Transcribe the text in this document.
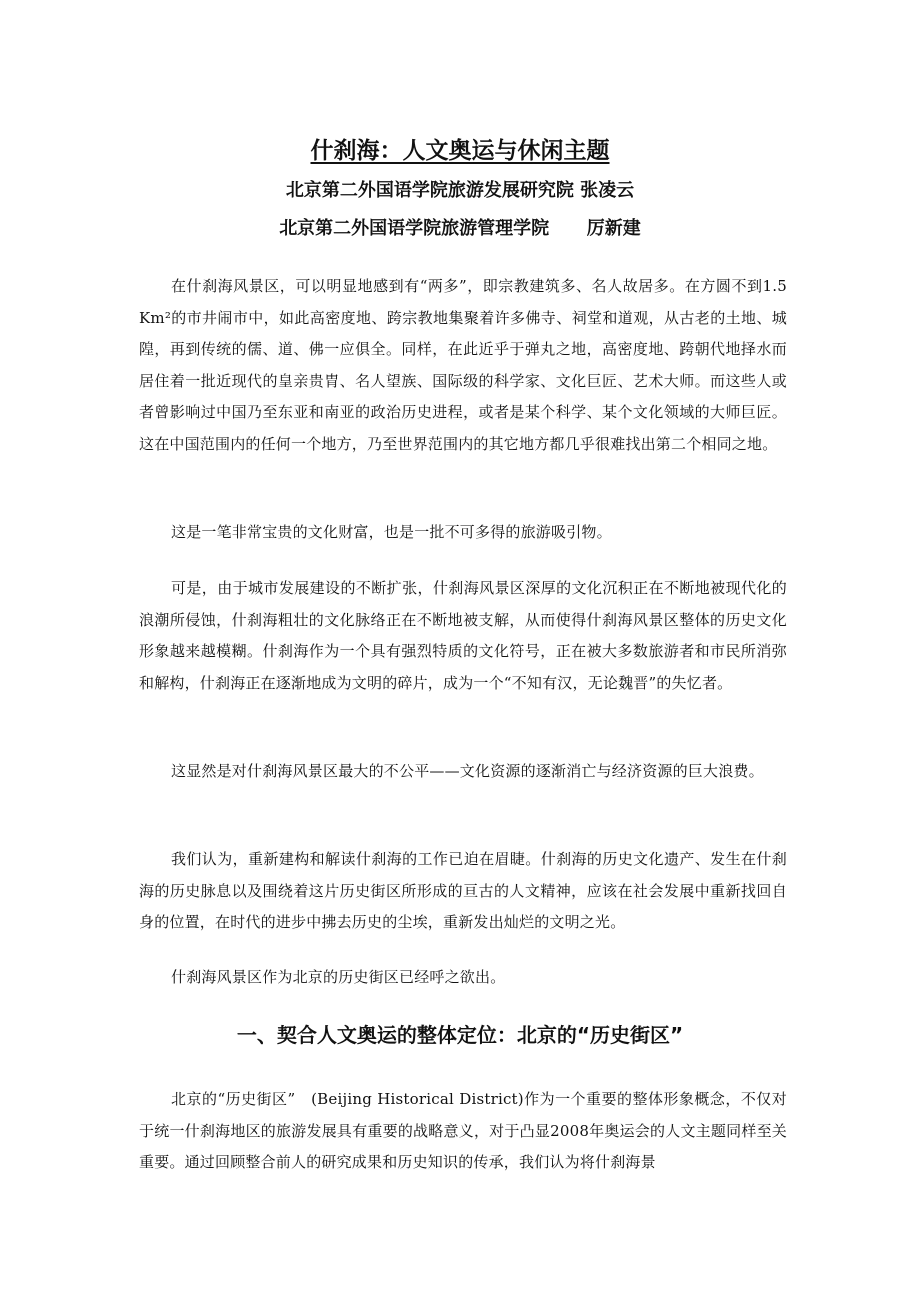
什刹海：人文奥运与休闲主题

北京第二外国语学院旅游发展研究院 张凌云

北京第二外国语学院旅游管理学院      厉新建

在什刹海风景区，可以明显地感到有“两多”，即宗教建筑多、名人故居多。在方圆不到1.5 Km²的市井闹市中，如此高密度地、跨宗教地集聚着许多佛寺、祠堂和道观，从古老的土地、城隍，再到传统的儒、道、佛一应俱全。同样，在此近乎于弹丸之地，高密度地、跨朝代地择水而居住着一批近现代的皇亲贵胄、名人望族、国际级的科学家、文化巨匠、艺术大师。而这些人或者曾影响过中国乃至东亚和南亚的政治历史进程，或者是某个科学、某个文化领域的大师巨匠。这在中国范围内的任何一个地方，乃至世界范围内的其它地方都几乎很难找出第二个相同之地。

这是一笔非常宝贵的文化财富，也是一批不可多得的旅游吸引物。

可是，由于城市发展建设的不断扩张，什刹海风景区深厚的文化沉积正在不断地被现代化的浪潮所侵蚀，什刹海粗壮的文化脉络正在不断地被支解，从而使得什刹海风景区整体的历史文化形象越来越模糊。什刹海作为一个具有强烈特质的文化符号，正在被大多数旅游者和市民所消弥和解构，什刹海正在逐渐地成为文明的碎片，成为一个“不知有汉，无论魏晋”的失忆者。

这显然是对什刹海风景区最大的不公平——文化资源的逐渐消亡与经济资源的巨大浪费。

我们认为，重新建构和解读什刹海的工作已迫在眉睫。什刹海的历史文化遗产、发生在什刹海的历史脉息以及围绕着这片历史街区所形成的亘古的人文精神，应该在社会发展中重新找回自身的位置，在时代的进步中拂去历史的尘埃，重新发出灿烂的文明之光。

什刹海风景区作为北京的历史街区已经呼之欲出。

一、契合人文奥运的整体定位：北京的“历史街区”

北京的“历史街区”　(Beijing Historical District)作为一个重要的整体形象概念，不仅对于统一什刹海地区的旅游发展具有重要的战略意义，对于凸显2008年奥运会的人文主题同样至关重要。通过回顾整合前人的研究成果和历史知识的传承，我们认为将什刹海景
